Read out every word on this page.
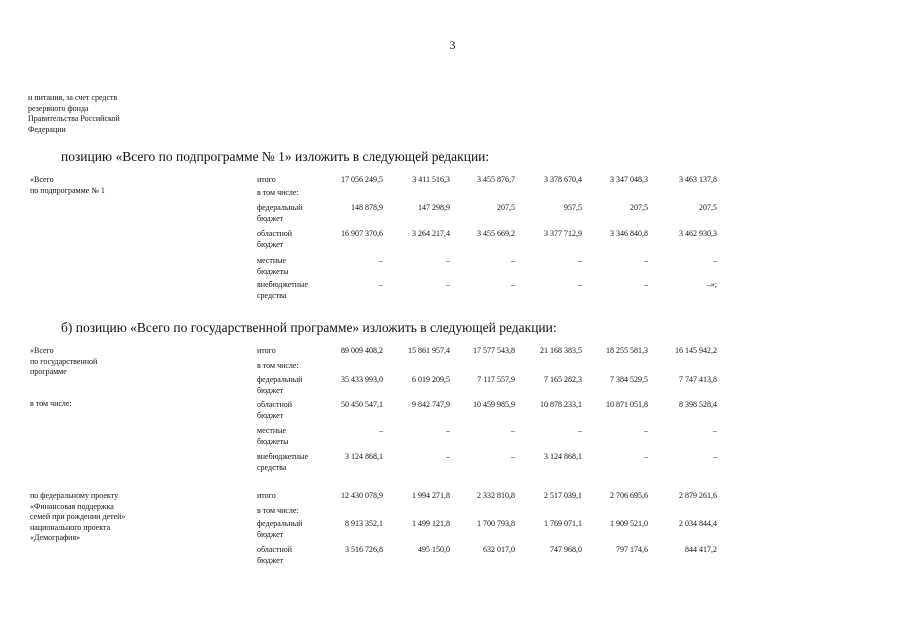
3
и питания, за счет средств
резервного фонда
Правительства Российской
Федерации
позицию «Всего по подпрограмме № 1» изложить в следующей редакции:
«Всего
по подпрограмме № 1
итого	17 056 249,5	3 411 516,3	3 455 876,7	3 378 670,4	3 347 048,3	3 463 137,8
в том числе:
федеральный
бюджет
148 878,9	147 298,9	207,5	957,5	207,5	207,5
областной
бюджет
16 907 370,6	3 264 217,4	3 455 669,2	3 377 712,9	3 346 840,8	3 462 930,3
местные
бюджеты
–	–	–	–	–	–
внебюджетные
средства
–	–	–	–	–	–»;
б) позицию «Всего по государственной программе» изложить в следующей редакции:
«Всего
по государственной
программе

в том числе:
итого	89 009 408,2	15 861 957,4	17 577 543,8	21 168 383,5	18 255 581,3	16 145 942,2
в том числе:
федеральный
бюджет
35 433 993,0	6 019 209,5	7 117 557,9	7 165 282,3	7 384 529,5	7 747 413,8
областной
бюджет
50 450 547,1	9 842 747,9	10 459 985,9	10 878 233,1	10 871 051,8	8 398 528,4
местные
бюджеты
–	–	–	–	–	–
внебюджетные
средства
3 124 868,1	–	–	3 124 868,1	–	–
по федеральному проекту
«Финансовая поддержка
семей при рождении детей»
национального проекта
«Демография»
итого	12 430 078,9	1 994 271,8	2 332 810,8	2 517 039,1	2 706 695,6	2 879 261,6
в том числе:
федеральный
бюджет
8 913 352,1	1 499 121,8	1 700 793,8	1 769 071,1	1 909 521,0	2 034 844,4
областной
бюджет
3 516 726,8	495 150,0	632 017,0	747 968,0	797 174,6	844 417,2
